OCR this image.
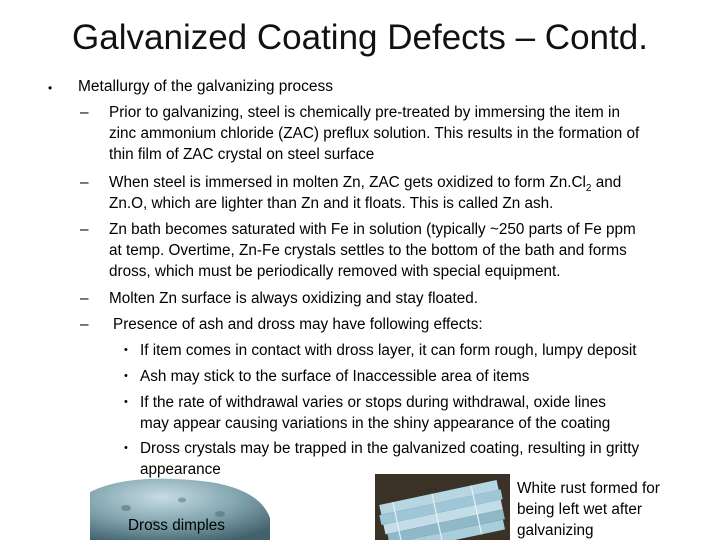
Galvanized Coating Defects – Contd.
• Metallurgy of the galvanizing process
–	Prior to galvanizing, steel is chemically pre-treated by immersing the item in
zinc ammonium chloride (ZAC) preflux solution. This results in the formation of
thin film of ZAC crystal on steel surface
–	When steel is immersed in molten Zn, ZAC gets oxidized to form $Zn.Cl_2$ and
Zn.O, which are lighter than Zn and it floats. This is called Zn ash.
–	Zn bath becomes saturated with Fe in solution (typically ~250 parts of Fe ppm
at temp. Overtime, Zn-Fe crystals settles to the bottom of the bath and forms
dross, which must be periodically removed with special equipment.
–	Molten Zn surface is always oxidizing and stay floated.
–	Presence of ash and dross may have following effects:
• If item comes in contact with dross layer, it can form rough, lumpy deposit
• Ash may stick to the surface of Inaccessible area of items
• If the rate of withdrawal varies or stops during withdrawal, oxide lines
may appear causing variations in the shiny appearance of the coating
• Dross crystals may be trapped in the galvanized coating, resulting in gritty
appearance
Dross dimples
White rust formed for
being left wet after
galvanizing
